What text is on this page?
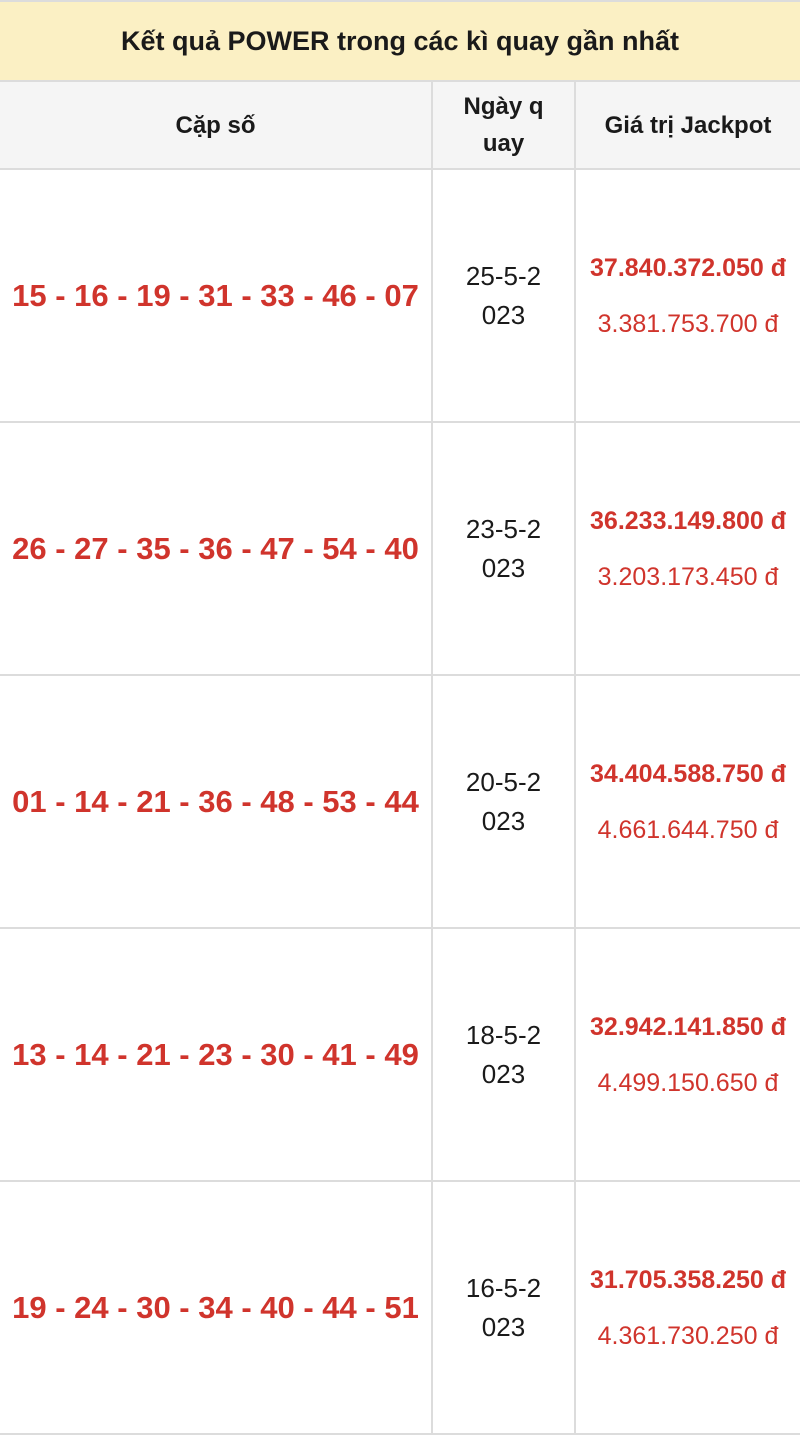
Kết quả POWER trong các kì quay gần nhất		
Cặp số	Ngày quay	Giá trị Jackpot
15 - 16 - 19 - 31 - 33 - 46 - 07	25-5-2023	37.840.372.050 đ
3.381.753.700 đ

26 - 27 - 35 - 36 - 47 - 54 - 40	23-5-2023	36.233.149.800 đ
3.203.173.450 đ

01 - 14 - 21 - 36 - 48 - 53 - 44	20-5-2023	34.404.588.750 đ
4.661.644.750 đ

13 - 14 - 21 - 23 - 30 - 41 - 49	18-5-2023	32.942.141.850 đ
4.499.150.650 đ

19 - 24 - 30 - 34 - 40 - 44 - 51	16-5-2023	31.705.358.250 đ
4.361.730.250 đ
